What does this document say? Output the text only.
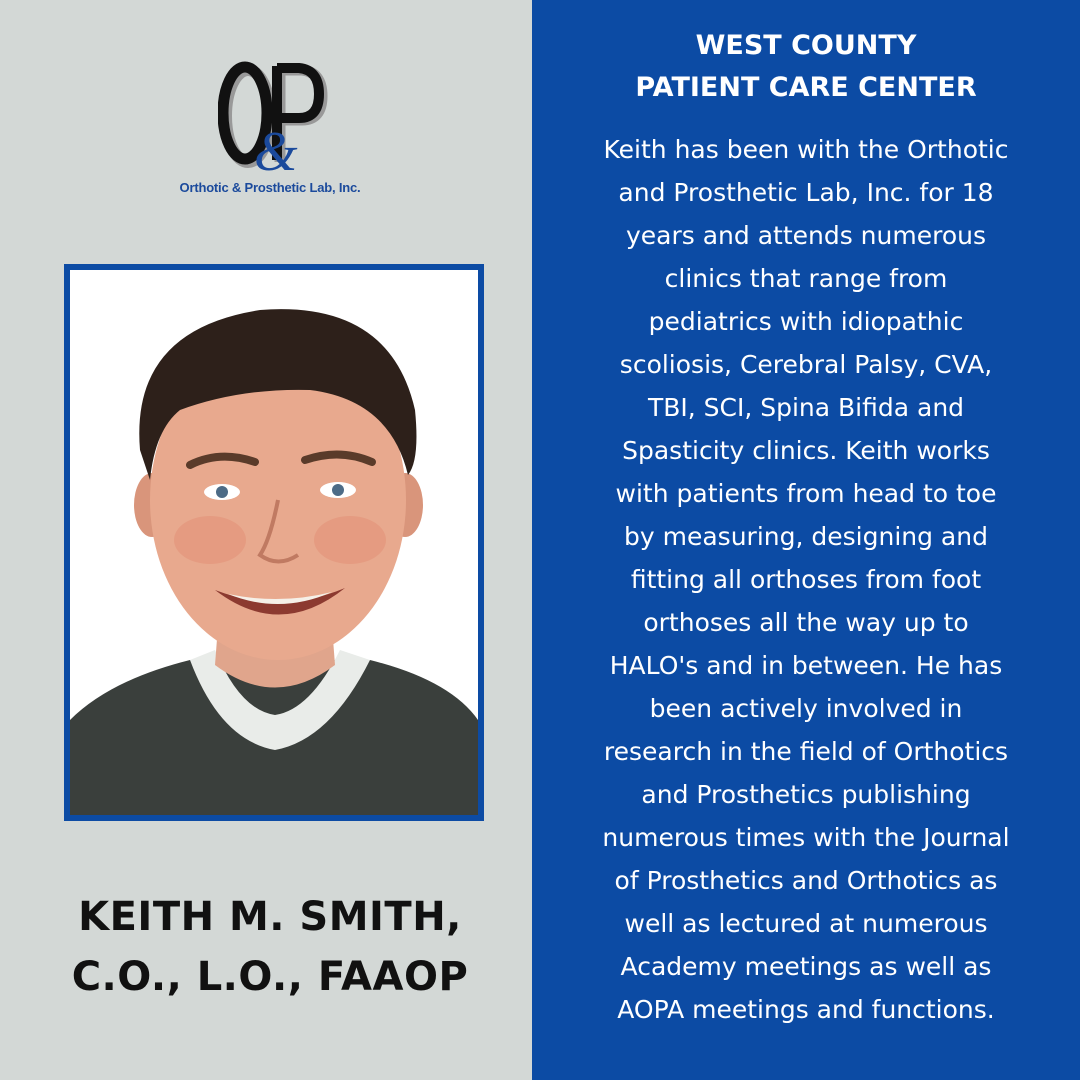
&
Orthotic & Prosthetic Lab, Inc.
KEITH M. SMITH,
C.O., L.O., FAAOP
WEST COUNTY
PATIENT CARE CENTER
Keith has been with the Orthotic
and Prosthetic Lab, Inc. for 18
years and attends numerous
clinics that range from
pediatrics with idiopathic
scoliosis, Cerebral Palsy, CVA,
TBI, SCI, Spina Bifida and
Spasticity clinics. Keith works
with patients from head to toe
by measuring, designing and
fitting all orthoses from foot
orthoses all the way up to
HALO's and in between. He has
been actively involved in
research in the field of Orthotics
and Prosthetics publishing
numerous times with the Journal
of Prosthetics and Orthotics as
well as lectured at numerous
Academy meetings as well as
AOPA meetings and functions.
